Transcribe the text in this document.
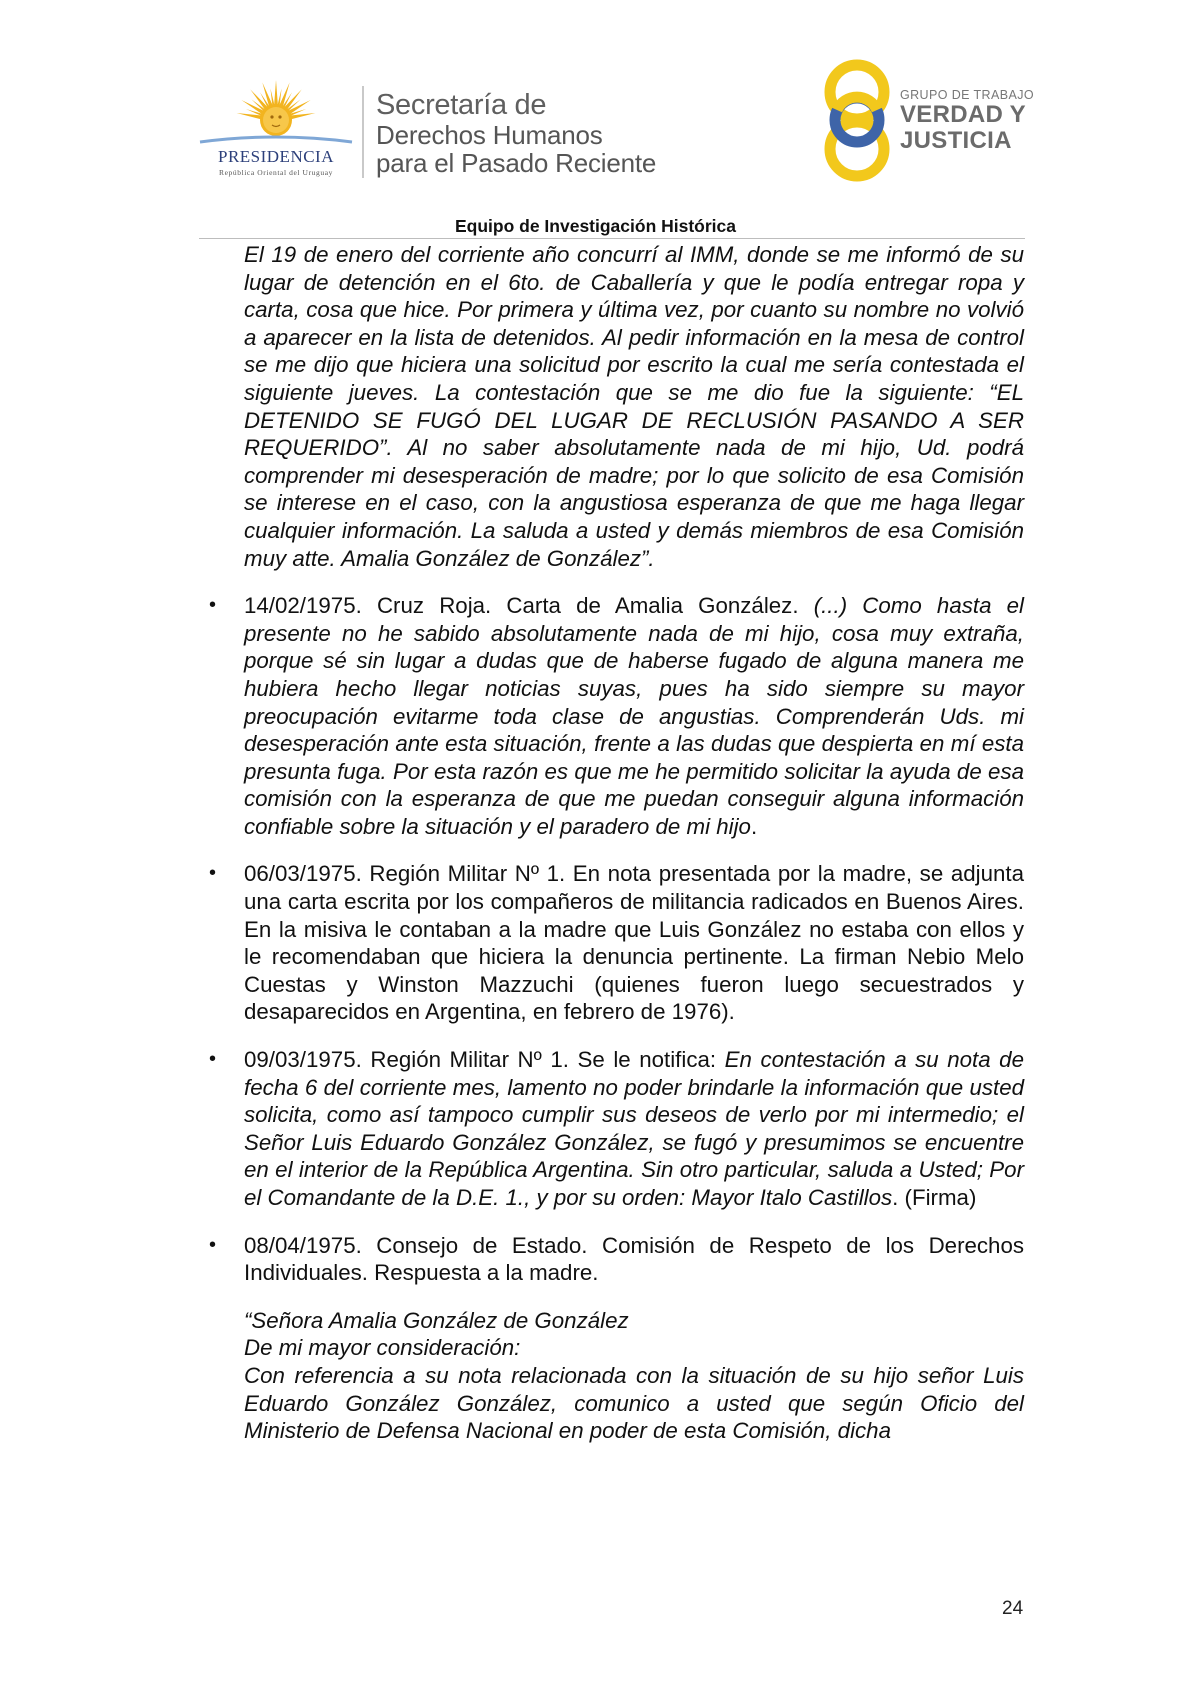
PRESIDENCIA
República Oriental del Uruguay
Secretaría de
Derechos Humanos
para el Pasado Reciente
GRUPO DE TRABAJO
VERDAD Y
JUSTICIA
Equipo de Investigación Histórica

El 19 de enero del corriente año concurrí al IMM, donde se me informó de su lugar de detención en el 6to. de Caballería y que le podía entregar ropa y carta, cosa que hice. Por primera y última vez, por cuanto su nombre no volvió a aparecer en la lista de detenidos. Al pedir información en la mesa de control se me dijo que hiciera una solicitud por escrito la cual me sería contestada el siguiente jueves. La contestación que se me dio fue la siguiente: “EL DETENIDO SE FUGÓ DEL LUGAR DE RECLUSIÓN PASANDO A SER REQUERIDO”. Al no saber absolutamente nada de mi hijo, Ud. podrá comprender mi desesperación de madre; por lo que solicito de esa Comisión se interese en el caso, con la angustiosa esperanza de que me haga llegar cualquier información. La saluda a usted y demás miembros de esa Comisión muy atte. Amalia González de González”.

• 14/02/1975. Cruz Roja. Carta de Amalia González. (...) Como hasta el presente no he sabido absolutamente nada de mi hijo, cosa muy extraña, porque sé sin lugar a dudas que de haberse fugado de alguna manera me hubiera hecho llegar noticias suyas, pues ha sido siempre su mayor preocupación evitarme toda clase de angustias. Comprenderán Uds. mi desesperación ante esta situación, frente a las dudas que despierta en mí esta presunta fuga. Por esta razón es que me he permitido solicitar la ayuda de esa comisión con la esperanza de que me puedan conseguir alguna información confiable sobre la situación y el paradero de mi hijo.

• 06/03/1975. Región Militar Nº 1. En nota presentada por la madre, se adjunta una carta escrita por los compañeros de militancia radicados en Buenos Aires. En la misiva le contaban a la madre que Luis González no estaba con ellos y le recomendaban que hiciera la denuncia pertinente. La firman Nebio Melo Cuestas y Winston Mazzuchi (quienes fueron luego secuestrados y desaparecidos en Argentina, en febrero de 1976).

• 09/03/1975. Región Militar Nº 1. Se le notifica: En contestación a su nota de fecha 6 del corriente mes, lamento no poder brindarle la información que usted solicita, como así tampoco cumplir sus deseos de verlo por mi intermedio; el Señor Luis Eduardo González González, se fugó y presumimos se encuentre en el interior de la República Argentina. Sin otro particular, saluda a Usted; Por el Comandante de la D.E. 1., y por su orden: Mayor Italo Castillos. (Firma)

• 08/04/1975. Consejo de Estado. Comisión de Respeto de los Derechos Individuales. Respuesta a la madre.

“Señora Amalia González de González

De mi mayor consideración:

Con referencia a su nota relacionada con la situación de su hijo señor Luis Eduardo González González, comunico a usted que según Oficio del Ministerio de Defensa Nacional en poder de esta Comisión, dicha

24
